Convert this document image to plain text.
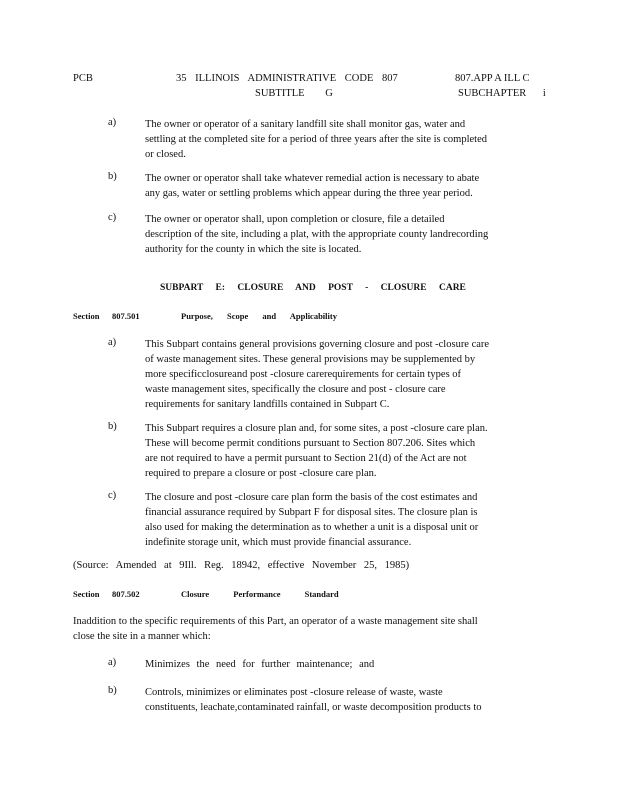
PCB	35 ILLINOIS ADMINISTRATIVE CODE 807	807.APP A ILL C
SUBTITLE G	SUBCHAPTER i
a)	The owner or operator of a sanitary landfill site shall monitor gas, water and
settling at the completed site for a period of three years after the site is completed
or closed.
b)	The owner or operator shall take whatever remedial action is necessary to abate
any gas, water or settling problems which appear during the three year period.
c)	The owner or operator shall, upon completion or closure, file a detailed
description of the site, including a plat, with the appropriate county landrecording
authority for the county in which the site is located.
SUBPART E: CLOSURE AND POST - CLOSURE CARE
Section 807.501	Purpose, Scope and Applicability
a)	This Subpart contains general provisions governing closure and post -closure care
of waste management sites. These general provisions may be supplemented by
more specificclosureand post -closure carerequirements for certain types of
waste management sites, specifically the closure and post - closure care
requirements for sanitary landfills contained in Subpart C.
b)	This Subpart requires a closure plan and, for some sites, a post -closure care plan.
These will become permit conditions pursuant to Section 807.206. Sites which
are not required to have a permit pursuant to Section 21(d) of the Act are not
required to prepare a closure or post -closure care plan.
c)	The closure and post -closure care plan form the basis of the cost estimates and
financial assurance required by Subpart F for disposal sites. The closure plan is
also used for making the determination as to whether a unit is a disposal unit or
indefinite storage unit, which must provide financial assurance.
(Source: Amended at 9Ill. Reg. 18942, effective November 25, 1985)
Section 807.502	Closure Performance Standard
Inaddition to the specific requirements of this Part, an operator of a waste management site shall
close the site in a manner which:
a)	Minimizes the need for further maintenance; and
b)	Controls, minimizes or eliminates post -closure release of waste, waste
constituents, leachate,contaminated rainfall, or waste decomposition products to
